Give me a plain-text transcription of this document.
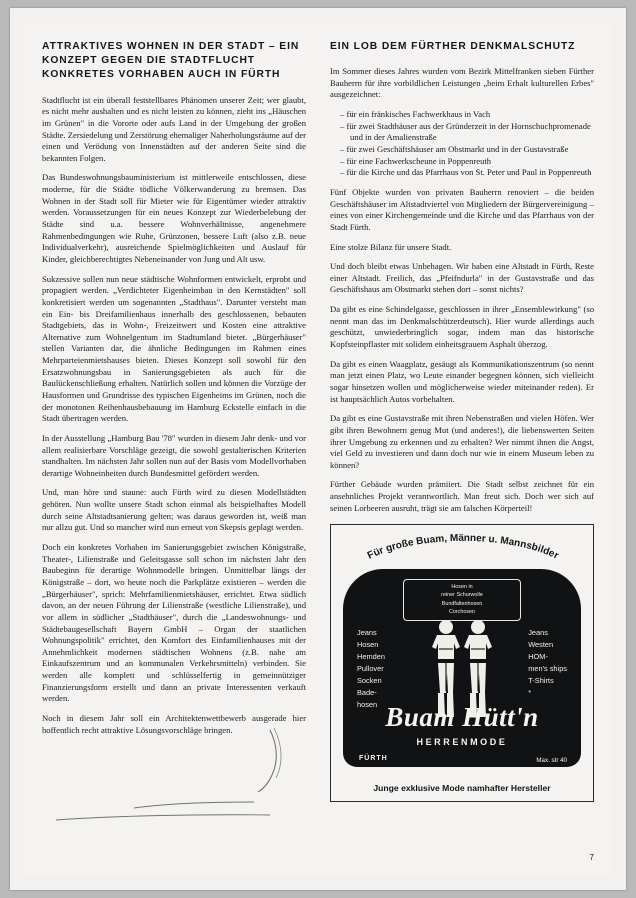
ATTRAKTIVES WOHNEN IN DER STADT – EIN KONZEPT GEGEN DIE STADTFLUCHT KONKRETES VORHABEN AUCH IN FÜRTH

Stadtflucht ist ein überall feststellbares Phänomen unserer Zeit; wer glaubt, es nicht mehr aushalten und es nicht leisten zu können, zieht ins „Häuschen im Grünen" in die Vororte oder aufs Land in der Umgebung der großen Städte. Zersiedelung und Zerstörung ehemaliger Naherholungsräume auf der einen und Verödung von Innenstädten auf der anderen Seite sind die bekannten Folgen.

Das Bundeswohnungsbauministerium ist mittlerweile entschlossen, diese moderne, für die Städte tödliche Völkerwanderung zu bremsen. Das Wohnen in der Stadt soll für Mieter wie für Eigentümer wieder attraktiv werden. Voraussetzungen für ein neues Konzept zur Wiederbelebung der Städte sind u.a. bessere Wohnverhältnisse, angenehmere Rahmenbedingungen wie Ruhe, Grünzonen, bessere Luft (also z.B. neue Individualverkehr), ausreichende Spielmöglichkeiten und Auslauf für Kinder, gleichberechtigtes Nebeneinander von Jung und Alt usw.

Sukzessive sollen nun neue städtische Wohnformen entwickelt, erprobt und propagiert werden. „Verdichteter Eigenheimbau in den Kernstädten" soll konkretisiert werden um sogenannten „Stadthaus". Darunter versteht man ein Ein- bis Dreifamilienhaus innerhalb des geschlossenen, bebauten Stadtgebiets, das in Wohn-, Freizeitwert und Kosten eine attraktive Alternative zum Wohnelgentum im Stadtumland bietet. „Bürgerhäuser" stellen Varianten dar, die ähnliche Bedingungen im Rahmen eines Mehrparteienmietshauses bieten. Dieses Konzept soll sowohl für den Ersatzwohnungsbau in Sanierungsgebieten als auch für die Baulückenschließung erhalten. Natürlich sollen und können die Vorzüge der Hausformen und Grundrisse des typischen Eigenheims im Grünen, noch die der monotonen Reihenhausbebauung im Hamburg Eckstelle einfach in die Stadt übertragen werden.

In der Ausstellung „Hamburg Bau '78" wurden in diesem Jahr denk- und vor allem realisierbare Vorschläge gezeigt, die sowohl gestalterischen Kriterien standhalten. Im nächsten Jahr sollen nun auf der Basis vom Modellvorhaben derartige Wohneinheiten durch Bundesmittel gefördert werden.

Und, man höre und staune: auch Fürth wird zu diesen Modellstädten gehören. Nun wollte unsere Stadt schon einmal als beispielhaftes Modell durch seine Altstadtsanierung gelten; was daraus geworden ist, weiß man nur allzu gut. Und so mancher wird nun erneut von Skepsis geplagt werden.

Doch ein konkretes Vorhaben im Sanierungsgebiet zwischen Königstraße, Theater-, Lilienstraße und Geleitsgasse soll schon im nächsten Jahr den Baubeginn für derartige Wohnmodelle bringen. Unmittelbar längs der Königstraße – dort, wo heute noch die Parkplätze existieren – werden die „Bürgerhäuser", sprich: Mehrfamilienmietshäuser, errichtet. Etwa südlich davon, an der neuen Führung der Lilienstraße (westliche Lilienstraße), und vor allem in südlicher „Stadthäuser", durch die „Landeswohnungs- und Städtebaugesellschaft Bayern GmbH – Organ der staatlichen Wohnungspolitik" errichtet, den Komfort des Einfamilienhauses mit der Annehmlichkeit modernen städtischen Wohnens (z.B. nahe am Einkaufszentrum und an kommunalen Verkehrsmitteln) verbinden. Sie werden alle komplett und schlüsselfertig in gemeinnütziger Finanzierungsform erstellt und dann an private Interessenten verkauft werden.

Noch in diesem Jahr soll ein Architektenwettbewerb ausgerade hier hoffentlich recht attraktive Lösungsvorschläge bringen.

EIN LOB DEM FÜRTHER DENKMALSCHUTZ

Im Sommer dieses Jahres wurden vom Bezirk Mittelfranken sieben Fürther Bauherrn für ihre vorbildlichen Leistungen „beim Erhalt kulturellen Erbes" ausgezeichnet:

– für ein fränkisches Fachwerkhaus in Vach
– für zwei Stadthäuser aus der Gründerzeit in der Hornschuchpromenade und in der Amalienstraße
– für zwei Geschäftshäuser am Obstmarkt und in der Gustavstraße
– für eine Fachwerkscheune in Poppenreuth
– für die Kirche und das Pfarrhaus von St. Peter und Paul in Poppenreuth

Fünf Objekte wurden von privaten Bauherrn renoviert – die beiden Geschäftshäuser im Altstadtviertel von Mitgliedern der Bürgervereinigung – eines von einer Kirchengemeinde und die Kirche und das Pfarrhaus von der Stadt Fürth.

Eine stolze Bilanz für unsere Stadt.

Und doch bleibt etwas Unbehagen. Wir haben eine Altstadt in Fürth, Reste einer Altstadt. Freilich, das „Pfeifndurla" in der Gustavstraße und das Geschäftshaus am Obstmarkt stehen dort – sonst nichts?

Da gibt es eine Schindelgasse, geschlossen in ihrer „Ensemblewirkung" (so nennt man das im Denkmalschützerdeutsch). Hier wurde allerdings auch geschützt, unwiederbringlich sogar, indem man das historische Kopfsteinpflaster mit solidem einheitsgrauem Asphalt überzog.

Da gibt es einen Waagplatz, gesäugt als Kommunikationszentrum (so nennt man jetzt einen Platz, wo Leute einander begegnen können, sich vielleicht sogar hinsetzen wollen und möglicherweise wieder miteinander reden). Er ist hauptsächlich Autos vorbehalten.

Da gibt es eine Gustavstraße mit ihren Nebenstraßen und vielen Höfen. Wer gibt ihren Bewohnern genug Mut (und anderes!), die liebenswerten Seiten ihrer Umgebung zu erkennen und zu erhalten? Wer nimmt ihnen die Angst, viel Geld zu investieren und dann doch nur wie in einem Museum leben zu können?

Fürther Gebäude wurden prämiiert. Die Stadt selbst zeichnet für ein ansehnliches Projekt verantwortlich. Man freut sich. Doch wer sich auf seinen Lorbeeren ausruht, trägt sie am falschen Körperteil!

Für große Buam, Männer u. Mannsbilder
Hosen in
reiner Schurwolle
Bundfaltenhosen
Corchosen
Jeans
Hosen
Hemden
Pullover
Socken
Bade-
hosen
Jeans
Westen
HOM-
men's ships
T-Shirts
*
Buam Hütt'n
HERRENMODE
FÜRTH	Max. str 40
Junge exklusive Mode namhafter Hersteller
7
